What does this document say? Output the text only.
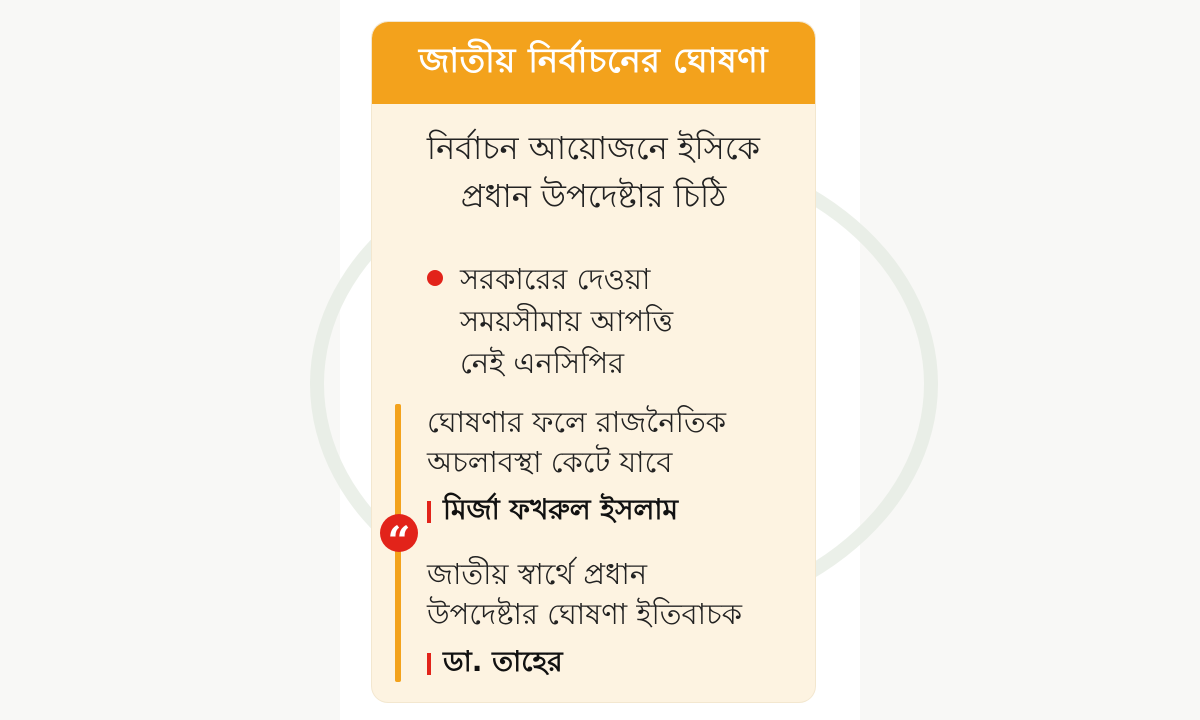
জাতীয় নির্বাচনের ঘোষণা
নির্বাচন আয়োজনে ইসিকে
প্রধান উপদেষ্টার চিঠি
সরকারের দেওয়া
সময়সীমায় আপত্তি
নেই এনসিপির
“
ঘোষণার ফলে রাজনৈতিক
অচলাবস্থা কেটে যাবে
মির্জা ফখরুল ইসলাম
জাতীয় স্বার্থে প্রধান
উপদেষ্টার ঘোষণা ইতিবাচক
ডা. তাহের
